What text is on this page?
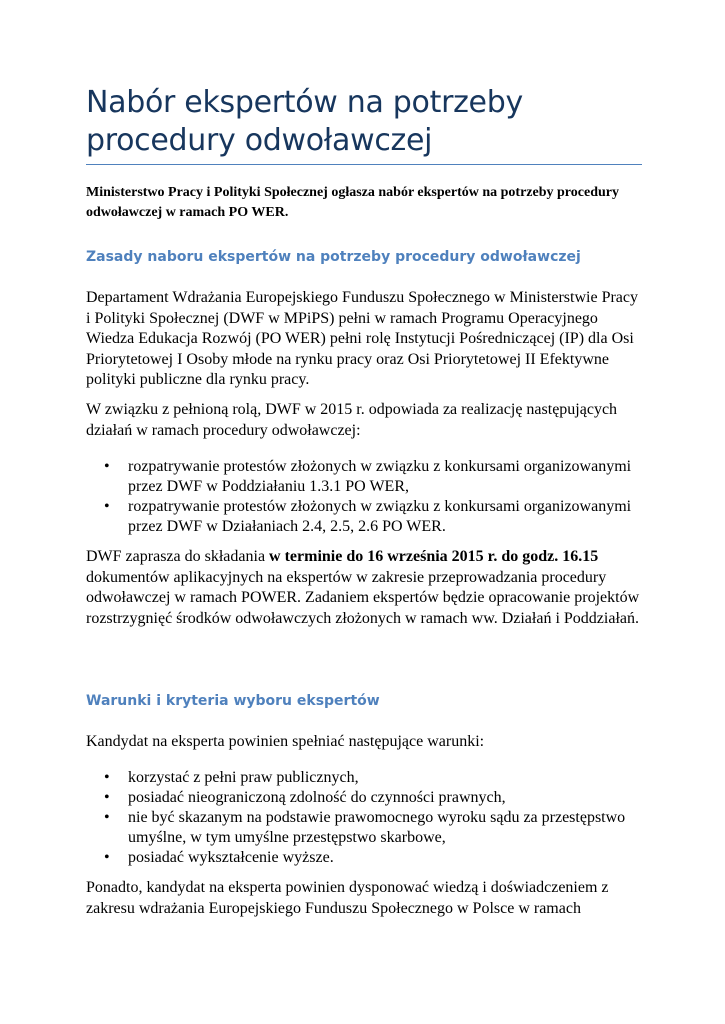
Nabór ekspertów na potrzeby procedury odwoławczej

Ministerstwo Pracy i Polityki Społecznej ogłasza nabór ekspertów na potrzeby procedury odwoławczej w ramach PO WER.

Zasady naboru ekspertów na potrzeby procedury odwoławczej

Departament Wdrażania Europejskiego Funduszu Społecznego w Ministerstwie Pracy i Polityki Społecznej (DWF w MPiPS) pełni w ramach Programu Operacyjnego Wiedza Edukacja Rozwój (PO WER) pełni rolę Instytucji Pośredniczącej (IP) dla Osi Priorytetowej I Osoby młode na rynku pracy oraz Osi Priorytetowej II Efektywne polityki publiczne dla rynku pracy.

W związku z pełnioną rolą, DWF w 2015 r. odpowiada za realizację następujących działań w ramach procedury odwoławczej:

• rozpatrywanie protestów złożonych w związku z konkursami organizowanymi przez DWF w Poddziałaniu 1.3.1 PO WER,
• rozpatrywanie protestów złożonych w związku z konkursami organizowanymi przez DWF w Działaniach 2.4, 2.5, 2.6 PO WER.

DWF zaprasza do składania w terminie do 16 września 2015 r. do godz. 16.15 dokumentów aplikacyjnych na ekspertów w zakresie przeprowadzania procedury odwoławczej w ramach POWER. Zadaniem ekspertów będzie opracowanie projektów rozstrzygnięć środków odwoławczych złożonych w ramach ww. Działań i Poddziałań.

Warunki i kryteria wyboru ekspertów

Kandydat na eksperta powinien spełniać następujące warunki:

• korzystać z pełni praw publicznych,
• posiadać nieograniczoną zdolność do czynności prawnych,
• nie być skazanym na podstawie prawomocnego wyroku sądu za przestępstwo umyślne, w tym umyślne przestępstwo skarbowe,
• posiadać wykształcenie wyższe.

Ponadto, kandydat na eksperta powinien dysponować wiedzą i doświadczeniem z zakresu wdrażania Europejskiego Funduszu Społecznego w Polsce w ramach
